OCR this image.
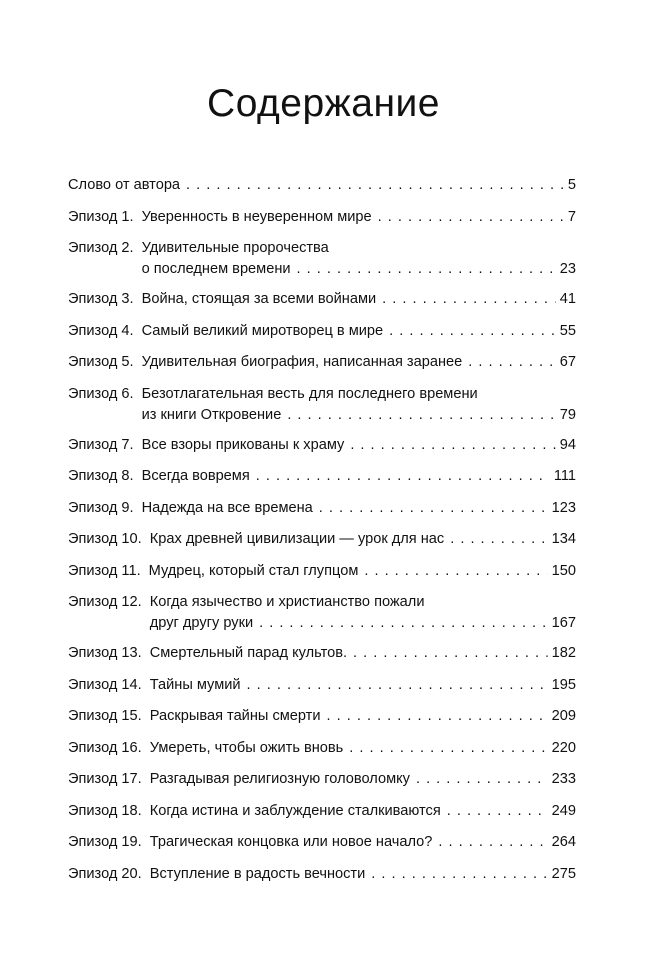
Содержание
Слово от автора . . .	5
Эпизод 1. Уверенность в неуверенном мире . . .	7
Эпизод 2. Удивительные пророчества
о последнем времени . . .	23
Эпизод 3. Война, стоящая за всеми войнами . . .	41
Эпизод 4. Самый великий миротворец в мире . . .	55
Эпизод 5. Удивительная биография, написанная заранее . . .	67
Эпизод 6. Безотлагательная весть для последнего времени
из книги Откровение . . .	79
Эпизод 7. Все взоры прикованы к храму . . .	94
Эпизод 8. Всегда вовремя . . .	111
Эпизод 9. Надежда на все времена . . .	123
Эпизод 10. Крах древней цивилизации — урок для нас . . .	134
Эпизод 11. Мудрец, который стал глупцом . . .	150
Эпизод 12. Когда язычество и христианство пожали
друг другу руки . . .	167
Эпизод 13. Смертельный парад культов. . . .	182
Эпизод 14. Тайны мумий . . .	195
Эпизод 15. Раскрывая тайны смерти . . .	209
Эпизод 16. Умереть, чтобы ожить вновь . . .	220
Эпизод 17. Разгадывая религиозную головоломку . . .	233
Эпизод 18. Когда истина и заблуждение сталкиваются . . .	249
Эпизод 19. Трагическая концовка или новое начало? . . .	264
Эпизод 20. Вступление в радость вечности . . .	275
